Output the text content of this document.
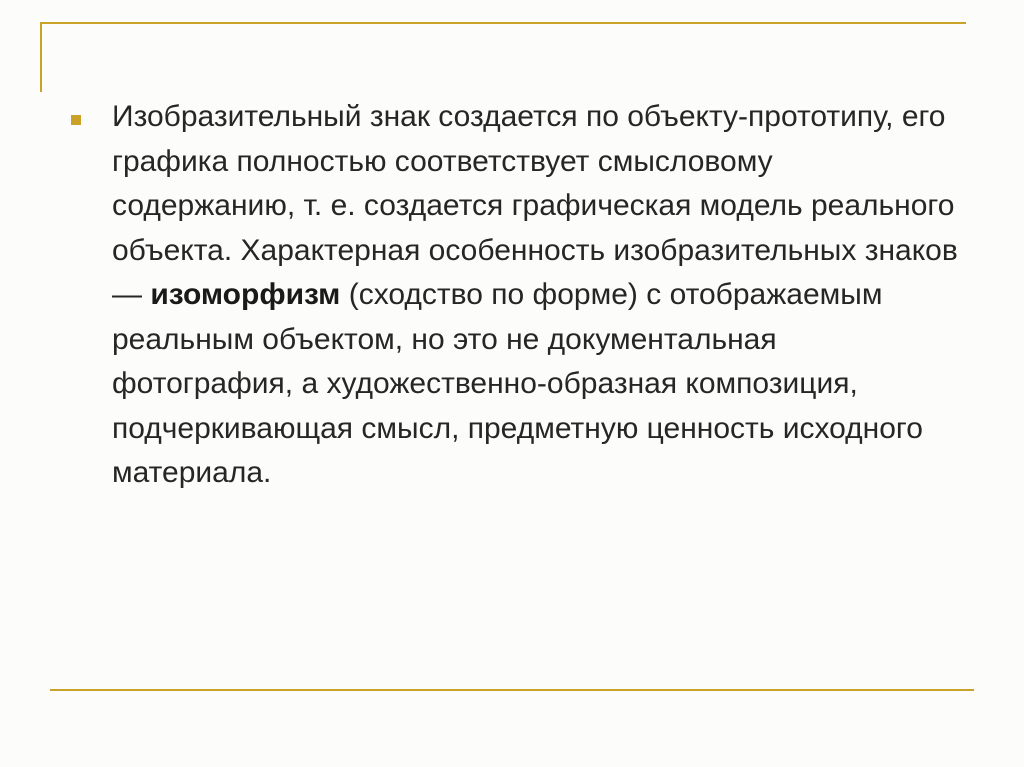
Изобразительный знак создается по объекту-прототипу, его графика полностью соответствует смысловому содержанию, т. е. создается графическая модель реального объекта. Характерная особенность изобразительных знаков — изоморфизм (сходство по форме) с отображаемым реальным объектом, но это не документальная фотография, а художественно-образная композиция, подчеркивающая смысл, предметную ценность исходного материала.
